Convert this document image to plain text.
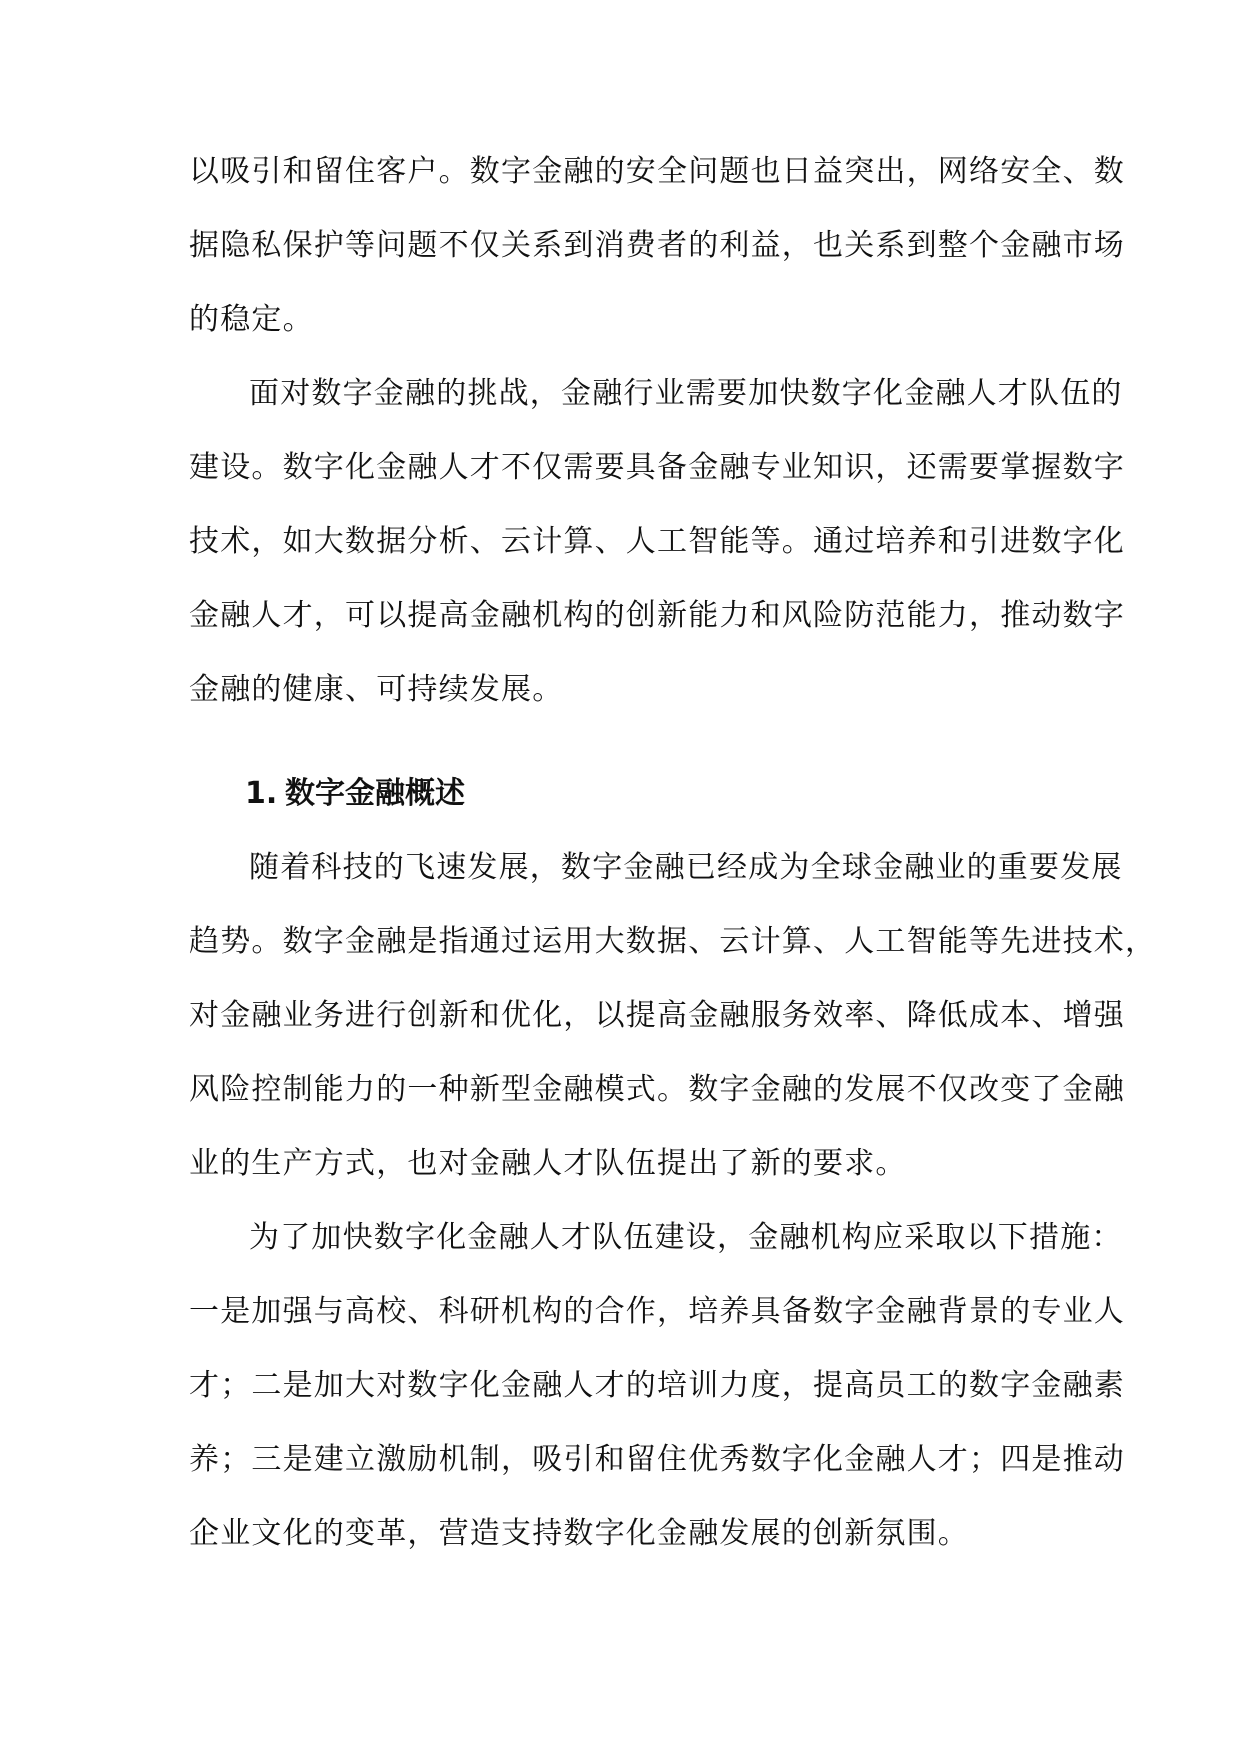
以吸引和留住客户。数字金融的安全问题也日益突出，网络安全、数
据隐私保护等问题不仅关系到消费者的利益，也关系到整个金融市场
的稳定。
面对数字金融的挑战，金融行业需要加快数字化金融人才队伍的
建设。数字化金融人才不仅需要具备金融专业知识，还需要掌握数字
技术，如大数据分析、云计算、人工智能等。通过培养和引进数字化
金融人才，可以提高金融机构的创新能力和风险防范能力，推动数字
金融的健康、可持续发展。
1. 数字金融概述
随着科技的飞速发展，数字金融已经成为全球金融业的重要发展
趋势。数字金融是指通过运用大数据、云计算、人工智能等先进技术，
对金融业务进行创新和优化，以提高金融服务效率、降低成本、增强
风险控制能力的一种新型金融模式。数字金融的发展不仅改变了金融
业的生产方式，也对金融人才队伍提出了新的要求。
为了加快数字化金融人才队伍建设，金融机构应采取以下措施：
一是加强与高校、科研机构的合作，培养具备数字金融背景的专业人
才；二是加大对数字化金融人才的培训力度，提高员工的数字金融素
养；三是建立激励机制，吸引和留住优秀数字化金融人才；四是推动
企业文化的变革，营造支持数字化金融发展的创新氛围。
